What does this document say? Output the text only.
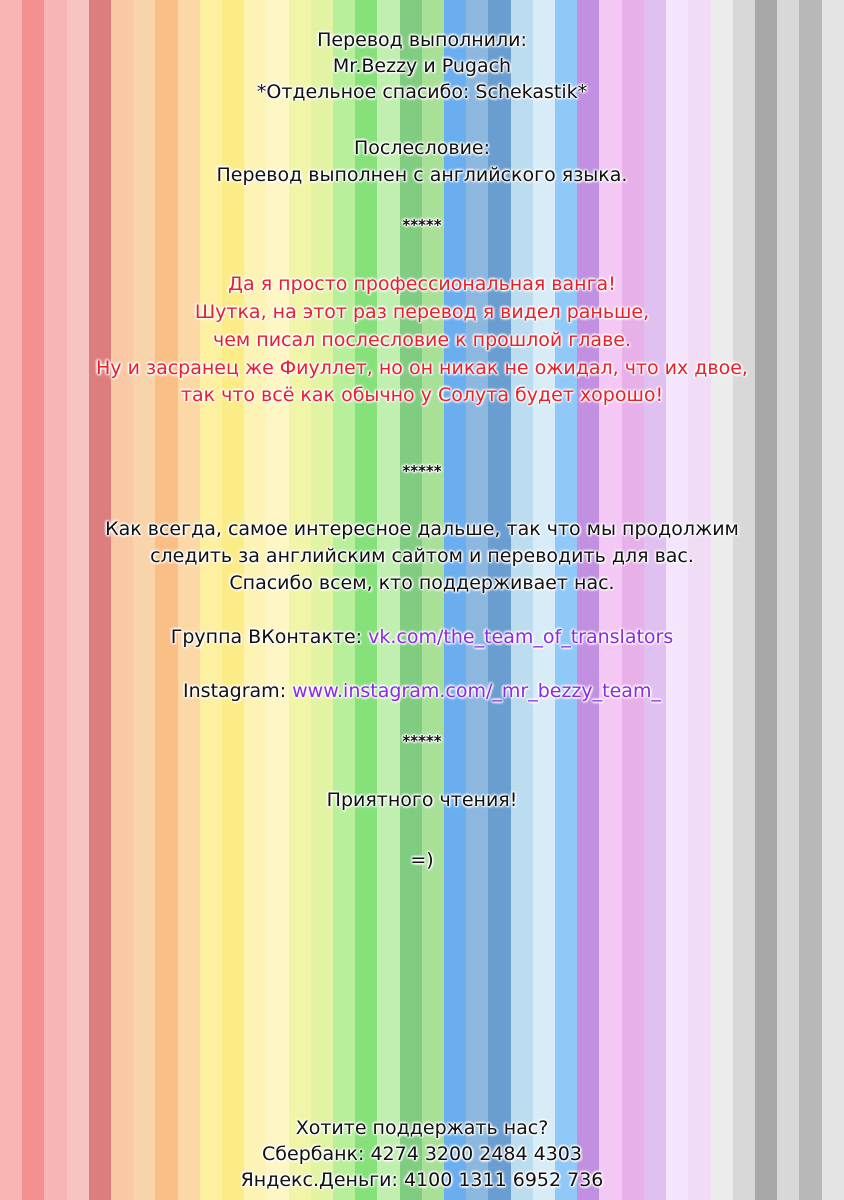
Перевод выполнили:
Mr.Bezzy и Pugach
*Отдельное спасибо: Schekastik*
Послесловие:
Перевод выполнен с английского языка.
*****
Да я просто профессиональная ванга!
Шутка, на этот раз перевод я видел раньше,
чем писал послесловие к прошлой главе.
Ну и засранец же Фиуллет, но он никак не ожидал, что их двое,
так что всё как обычно у Солута будет хорошо!
*****
Как всегда, самое интересное дальше, так что мы продолжим
следить за английским сайтом и переводить для вас.
Спасибо всем, кто поддерживает нас.
Группа ВКонтакте: vk.com/the_team_of_translators
Instagram: www.instagram.com/_mr_bezzy_team_
*****
Приятного чтения!
=)
Хотите поддержать нас?
Сбербанк: 4274 3200 2484 4303
Яндекс.Деньги: 4100 1311 6952 736
